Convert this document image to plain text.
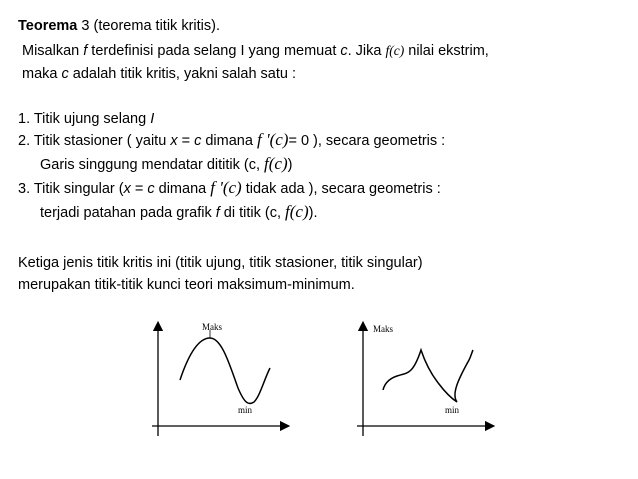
Teorema 3 (teorema titik kritis).
Misalkan f terdefinisi pada selang I yang memuat c. Jika f(c) nilai ekstrim,
maka c adalah titik kritis, yakni salah satu :
1. Titik ujung selang I
2. Titik stasioner ( yaitu x = c dimana f '(c)= 0 ), secara geometris :
Garis singgung mendatar dititik (c, f(c))
3. Titik singular (x = c dimana f '(c) tidak ada ), secara geometris :
terjadi patahan pada grafik f di titik (c, f(c)).
Ketiga jenis titik kritis ini (titik ujung, titik stasioner, titik singular)
merupakan titik-titik kunci teori maksimum-minimum.
Maks
min
Maks
min
